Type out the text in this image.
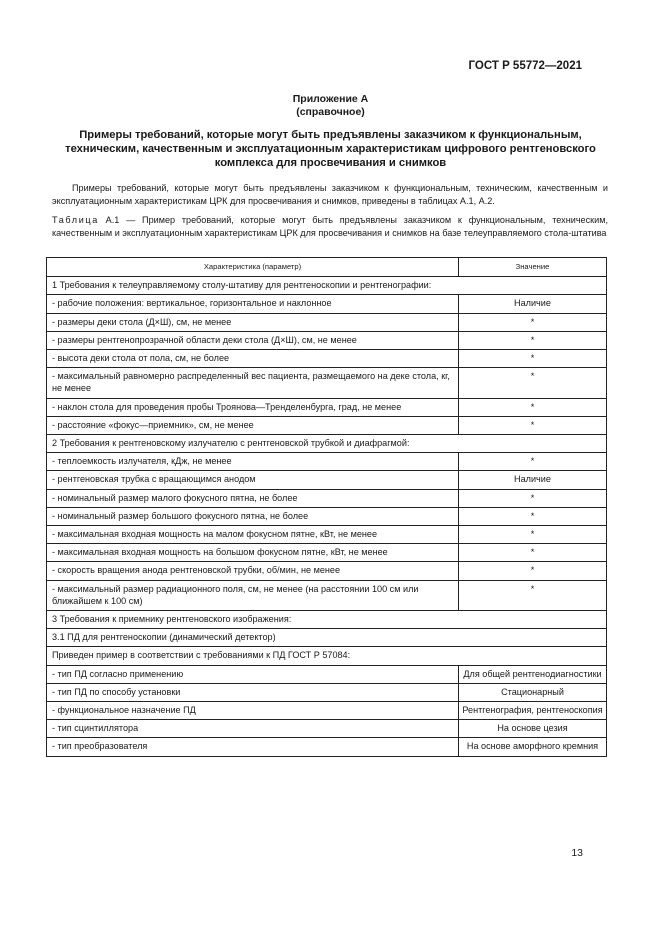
ГОСТ Р 55772—2021
Приложение А
(справочное)
Примеры требований, которые могут быть предъявлены заказчиком к функциональным, техническим, качественным и эксплуатационным характеристикам цифрового рентгеновского комплекса для просвечивания и снимков
Примеры требований, которые могут быть предъявлены заказчиком к функциональным, техническим, качественным и эксплуатационным характеристикам ЦРК для просвечивания и снимков, приведены в таблицах А.1, А.2.
Таблица А.1 — Пример требований, которые могут быть предъявлены заказчиком к функциональным, техническим, качественным и эксплуатационным характеристикам ЦРК для просвечивания и снимков на базе телеуправляемого стола-штатива
Характеристика (параметр)	Значение
1 Требования к телеуправляемому столу-штативу для рентгеноскопии и рентгенографии:	
- рабочие положения: вертикальное, горизонтальное и наклонное	Наличие
- размеры деки стола (Д×Ш), см, не менее	*
- размеры рентгенопрозрачной области деки стола (Д×Ш), см, не менее	*
- высота деки стола от пола, см, не более	*
- максимальный равномерно распределенный вес пациента, размещаемого на деке стола, кг, не менее	*
- наклон стола для проведения пробы Троянова—Тренделенбурга, град, не менее	*
- расстояние «фокус—приемник», см, не менее	*
2 Требования к рентгеновскому излучателю с рентгеновской трубкой и диафрагмой:	
- теплоемкость излучателя, кДж, не менее	*
- рентгеновская трубка с вращающимся анодом	Наличие
- номинальный размер малого фокусного пятна, не более	*
- номинальный размер большого фокусного пятна, не более	*
- максимальная входная мощность на малом фокусном пятне, кВт, не менее	*
- максимальная входная мощность на большом фокусном пятне, кВт, не менее	*
- скорость вращения анода рентгеновской трубки, об/мин, не менее	*
- максимальный размер радиационного поля, см, не менее (на расстоянии 100 см или ближайшем к 100 см)	*
3 Требования к приемнику рентгеновского изображения:	
3.1 ПД для рентгеноскопии (динамический детектор)	
Приведен пример в соответствии с требованиями к ПД ГОСТ Р 57084:	
- тип ПД согласно применению	Для общей рентгенодиагностики
- тип ПД по способу установки	Стационарный
- функциональное назначение ПД	Рентгенография, рентгеноскопия
- тип сцинтиллятора	На основе цезия
- тип преобразователя	На основе аморфного кремния
13
